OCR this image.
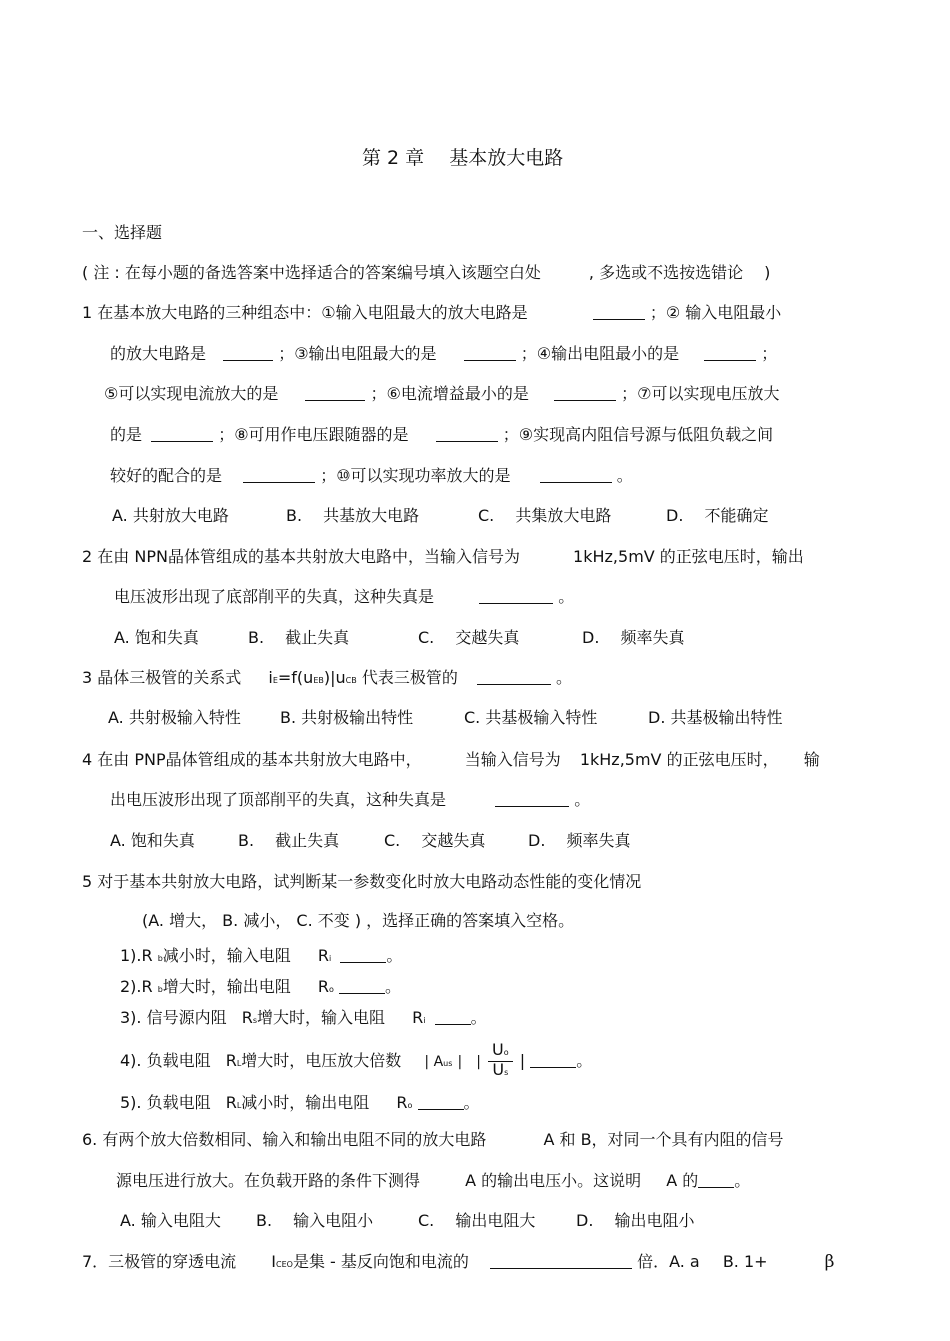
第 2 章　 基本放大电路
一、选择题
( 注 : 在每小题的备选答案中选择适合的答案编号填入该题空白处　　　, 多选或不选按选错论　 )
1 在基本放大电路的三种组态中：①输入电阻最大的放大电路是	；② 输入电阻最小
的放大电路是	；③输出电阻最大的是	；④输出电阻最小的是	；
⑤可以实现电流放大的是	；⑥电流增益最小的是	；⑦可以实现电压放大
的是	；⑧可用作电压跟随器的是	；⑨实现高内阻信号源与低阻负载之间
较好的配合的是	；⑩可以实现功率放大的是	。
A. 共射放大电路	B. 　共基放大电路	C. 　共集放大电路	D. 　不能确定
2 在由 NPN晶体管组成的基本共射放大电路中，当输入信号为	1kHz,5mV 的正弦电压时，输出
电压波形出现了底部削平的失真，这种失真是	。
A. 饱和失真	B. 　截止失真	C. 　交越失真	D. 　频率失真
3 晶体三极管的关系式 iE=f(uEB)|uCB 代表三极管的	。
A. 共射极输入特性 B. 共射极输出特性	C. 共基极输入特性	D. 共基极输出特性
4 在由 PNP晶体管组成的基本共射放大电路中，	当输入信号为 1kHz,5mV 的正弦电压时， 输
出电压波形出现了顶部削平的失真，这种失真是	。
A. 饱和失真	B. 　截止失真	C. 　交越失真	D. 　频率失真
5 对于基本共射放大电路，试判断某一参数变化时放大电路动态性能的变化情况
(A. 增大， B. 减小， C. 不变 ) ，选择正确的答案填入空格。
1).R b减小时，输入电阻 Ri	。
2).R b增大时，输出电阻 Ro	。
3). 信号源内阻 Rs增大时，输入电阻 Ri	。
4). 负载电阻 RL增大时，电压放大倍数 | Aus |　| $\frac{Uo}{Us}$ |	。
5). 负载电阻 RL减小时，输出电阻 Ro	。
6. 有两个放大倍数相同、输入和输出电阻不同的放大电路	A 和 B，对同一个具有内阻的信号
源电压进行放大。在负载开路的条件下测得	A 的输出电压小。这说明 A 的 。
A. 输入电阻大 B. 　输入电阻小	C. 　输出电阻大	D. 　输出电阻小
7．三极管的穿透电流 ICEO是集 - 基反向饱和电流的	倍．A. a B. 1+	β
